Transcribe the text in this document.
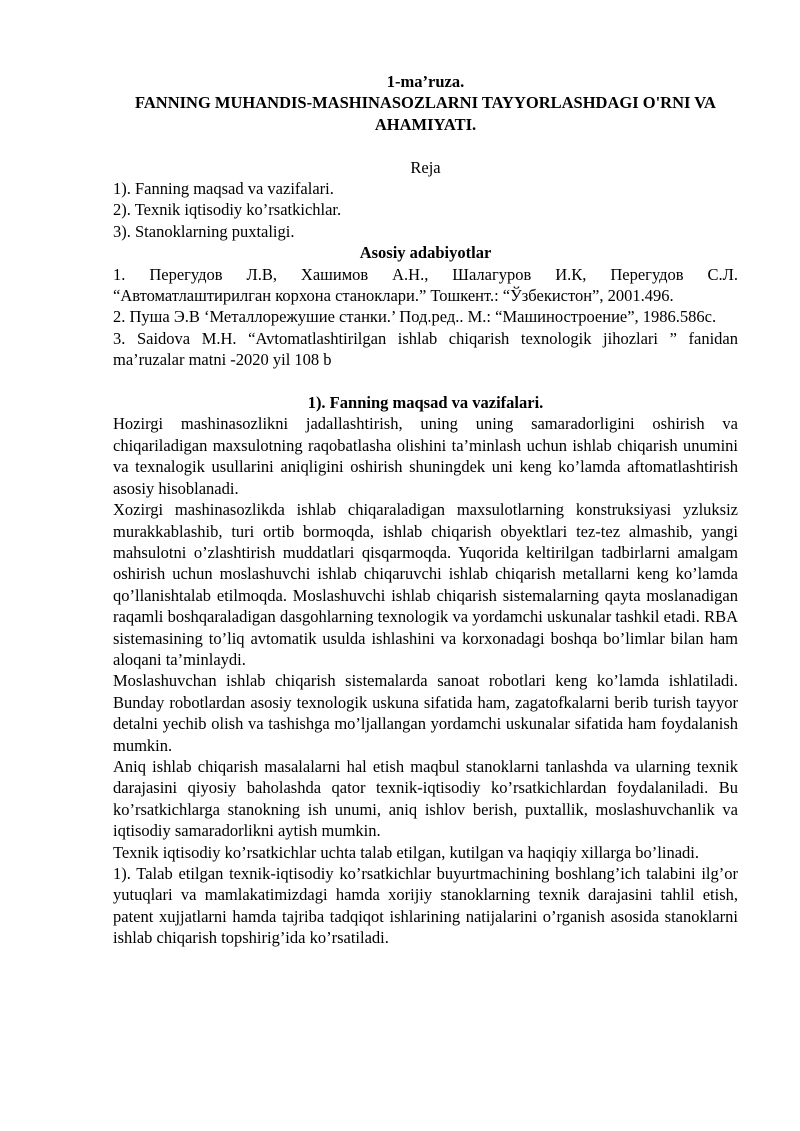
1-ma’ruza.
FANNING MUHANDIS-MASHINASOZLARNI TAYYORLASHDAGI O'RNI VA AHAMIYATI.
Reja
1). Fanning maqsad va vazifalari.
2). Texnik iqtisodiy ko’rsatkichlar.
3). Stanoklarning puxtaligi.
Asosiy adabiyotlar

1. Перегудов Л.В, Хашимов А.Н., Шалагуров И.К, Перегудов С.Л. “Автоматлаштирилган корхона станоклари.” Тошкент.: “Ўзбекистон”, 2001.496.

2. Пуша Э.В ‘Металлорежушие станки.’ Под.ред.. М.: “Машиностроение”, 1986.586с.

3. Saidova М.Н. “Avtomatlashtirilgan ishlab chiqarish texnologik jihozlari ” fanidan ma’ruzalar matni -2020 yil 108 b

1). Fanning maqsad va vazifalari.

Hozirgi mashinasozlikni jadallashtirish, uning uning samaradorligini oshirish va chiqariladigan maxsulotning raqobatlasha olishini ta’minlash uchun ishlab chiqarish unumini va texnalogik usullarini aniqligini oshirish shuningdek uni keng ko’lamda aftomatlashtirish asosiy hisoblanadi.

Xozirgi mashinasozlikda ishlab chiqaraladigan maxsulotlarning konstruksiyasi yzluksiz murakkablashib, turi ortib bormoqda, ishlab chiqarish obyektlari tez-tez almashib, yangi mahsulotni o’zlashtirish muddatlari qisqarmoqda. Yuqorida keltirilgan tadbirlarni amalgam oshirish uchun moslashuvchi ishlab chiqaruvchi ishlab chiqarish metallarni keng ko’lamda qo’llanishtalab etilmoqda. Moslashuvchi ishlab chiqarish sistemalarning qayta moslanadigan raqamli boshqaraladigan dasgohlarning texnologik va yordamchi uskunalar tashkil etadi. RBA sistemasining to’liq avtomatik usulda ishlashini va korxonadagi boshqa bo’limlar bilan ham aloqani ta’minlaydi.

Moslashuvchan ishlab chiqarish sistemalarda sanoat robotlari keng ko’lamda ishlatiladi. Bunday robotlardan asosiy texnologik uskuna sifatida ham, zagatofkalarni berib turish tayyor detalni yechib olish va tashishga mo’ljallangan yordamchi uskunalar sifatida ham foydalanish mumkin.

Aniq ishlab chiqarish masalalarni hal etish maqbul stanoklarni tanlashda va ularning texnik darajasini qiyosiy baholashda qator texnik-iqtisodiy ko’rsatkichlardan foydalaniladi. Bu ko’rsatkichlarga stanokning ish unumi, aniq ishlov berish, puxtallik, moslashuvchanlik va iqtisodiy samaradorlikni aytish mumkin.

Texnik iqtisodiy ko’rsatkichlar uchta talab etilgan, kutilgan va haqiqiy xillarga bo’linadi.

1). Talab etilgan texnik-iqtisodiy ko’rsatkichlar buyurtmachining boshlang’ich talabini ilg’or yutuqlari va mamlakatimizdagi hamda xorijiy stanoklarning texnik darajasini tahlil etish, patent xujjatlarni hamda tajriba tadqiqot ishlarining natijalarini o’rganish asosida stanoklarni ishlab chiqarish topshirig’ida ko’rsatiladi.
